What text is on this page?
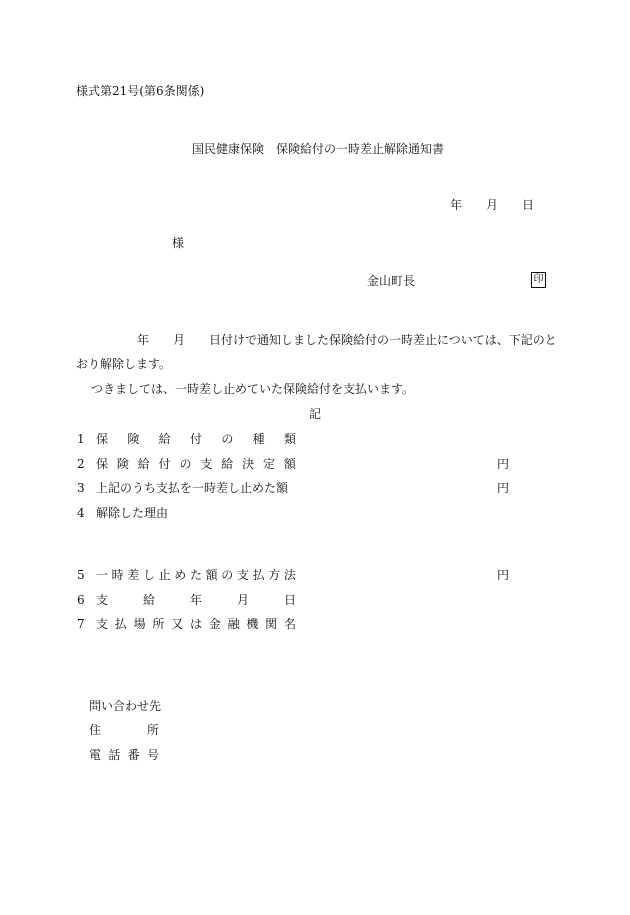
様式第21号(第6条関係)
国民健康保険　保険給付の一時差止解除通知書
年 月 日
様
金山町長	印
年 月 日付けで通知しました保険給付の一時差止については、下記のと
おり解除します。
つきましては、一時差し止めていた保険給付を支払います。
記
1 保 険 給 付 の 種 類
2 保 険 給 付 の 支 給 決 定 額	円
3 上記のうち支払を一時差し止めた額	円
4 解除した理由
5 一 時 差 し 止 め た 額 の 支 払 方 法	円
6 支	給	年	月	日
7 支 払 場 所 又 は 金 融 機 関 名
問い合わせ先
住	所
電 話 番 号
